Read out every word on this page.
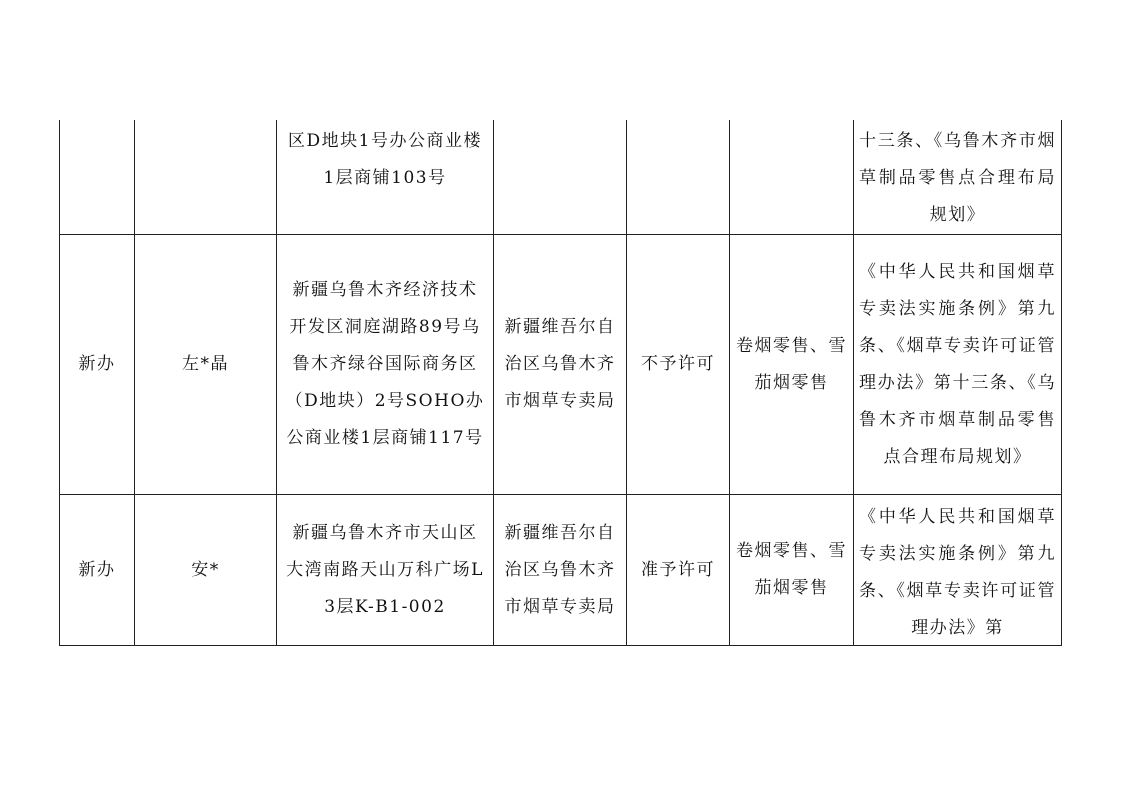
		区D地块1号办公商业楼1层商铺103号				十三条、《乌鲁木齐市烟草制品零售点合理布局规划》
新办	左*晶	新疆乌鲁木齐经济技术开发区洞庭湖路89号乌鲁木齐绿谷国际商务区（D地块）2号SOHO办公商业楼1层商铺117号	新疆维吾尔自治区乌鲁木齐市烟草专卖局	不予许可	卷烟零售、雪茄烟零售	《中华人民共和国烟草专卖法实施条例》第九条、《烟草专卖许可证管理办法》第十三条、《乌鲁木齐市烟草制品零售点合理布局规划》
新办	安*	新疆乌鲁木齐市天山区大湾南路天山万科广场L3层K-B1-002	新疆维吾尔自治区乌鲁木齐市烟草专卖局	准予许可	卷烟零售、雪茄烟零售	《中华人民共和国烟草专卖法实施条例》第九条、《烟草专卖许可证管理办法》第
